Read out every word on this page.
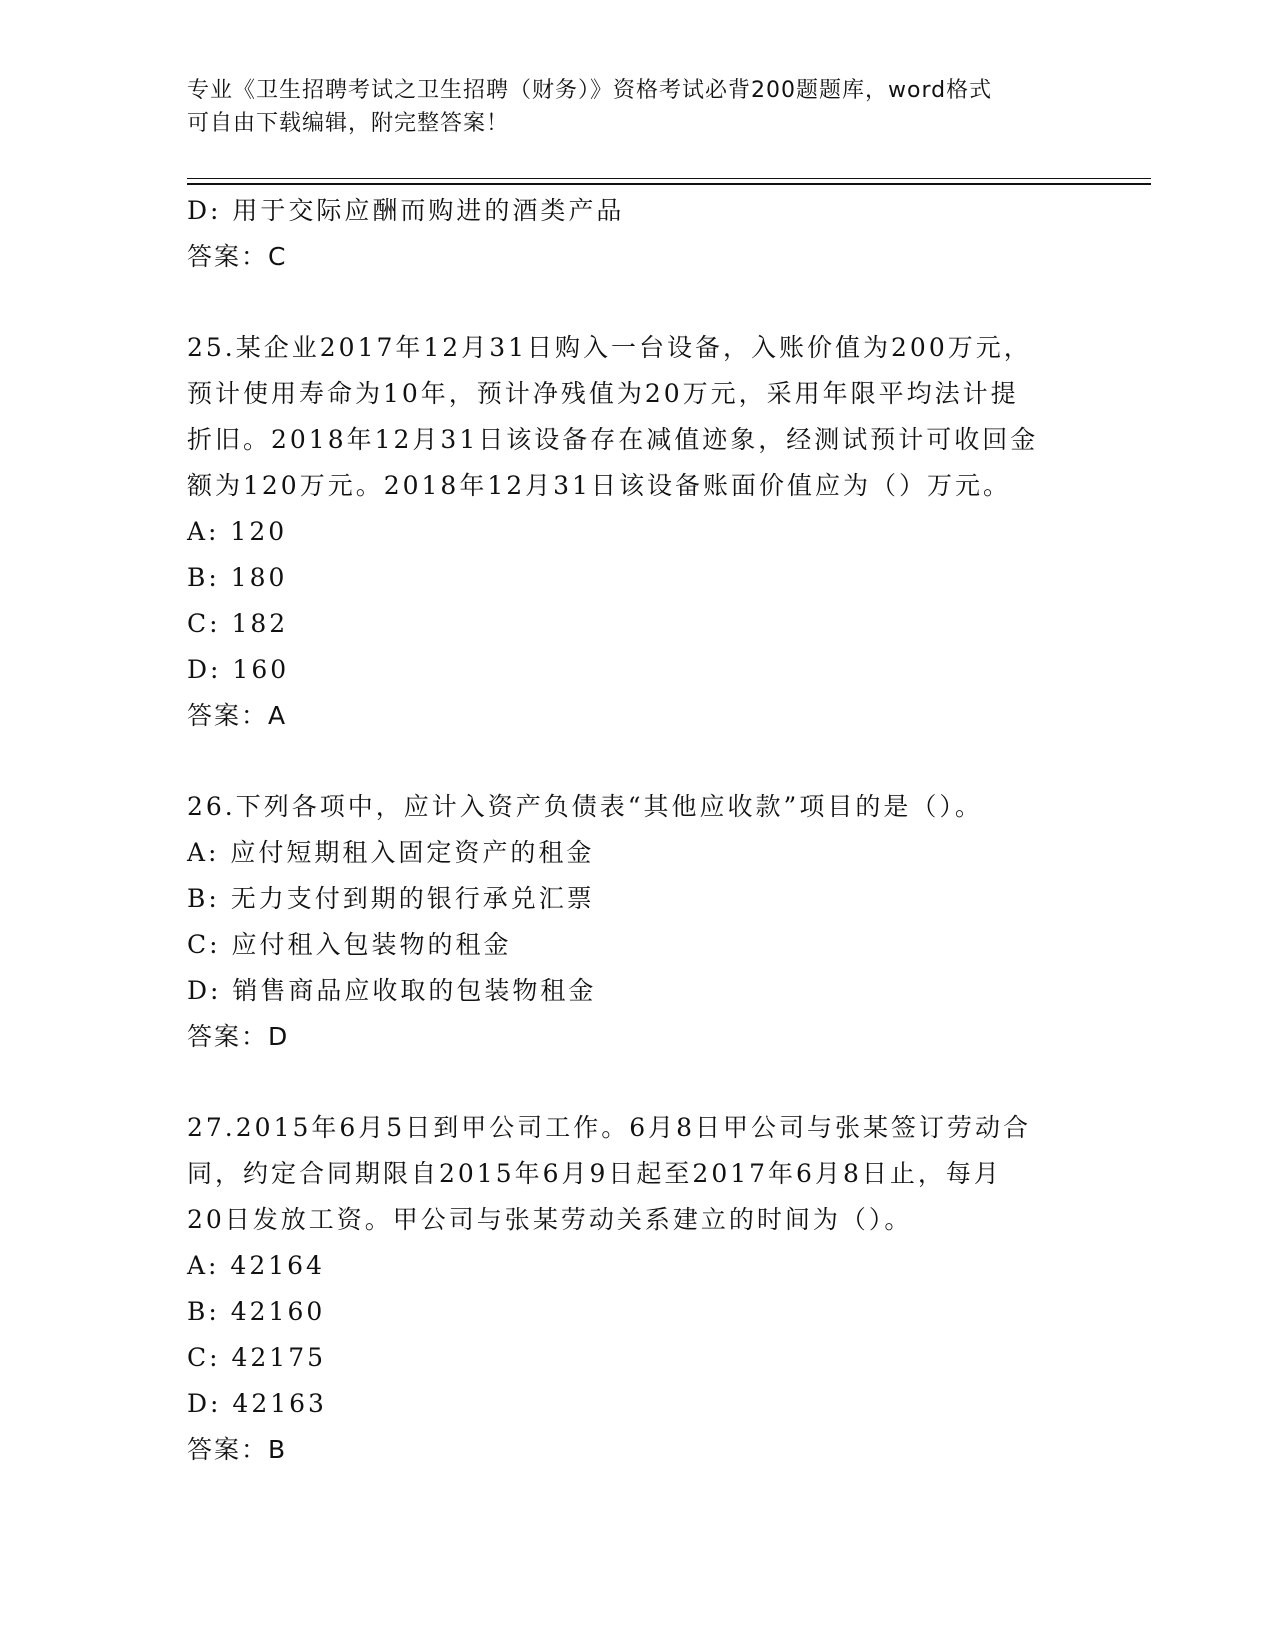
专业《卫生招聘考试之卫生招聘（财务）》资格考试必背200题题库，word格式
可自由下载编辑，附完整答案！
D: 用于交际应酬而购进的酒类产品
答案：C
25.某企业2017年12月31日购入一台设备，入账价值为200万元，
预计使用寿命为10年，预计净残值为20万元，采用年限平均法计提
折旧。2018年12月31日该设备存在减值迹象，经测试预计可收回金
额为120万元。2018年12月31日该设备账面价值应为（）万元。
A: 120
B: 180
C: 182
D: 160
答案：A
26.下列各项中，应计入资产负债表“其他应收款”项目的是（）。
A: 应付短期租入固定资产的租金
B: 无力支付到期的银行承兑汇票
C: 应付租入包装物的租金
D: 销售商品应收取的包装物租金
答案：D
27.2015年6月5日到甲公司工作。6月8日甲公司与张某签订劳动合
同，约定合同期限自2015年6月9日起至2017年6月8日止，每月
20日发放工资。甲公司与张某劳动关系建立的时间为（）。
A: 42164
B: 42160
C: 42175
D: 42163
答案：B
